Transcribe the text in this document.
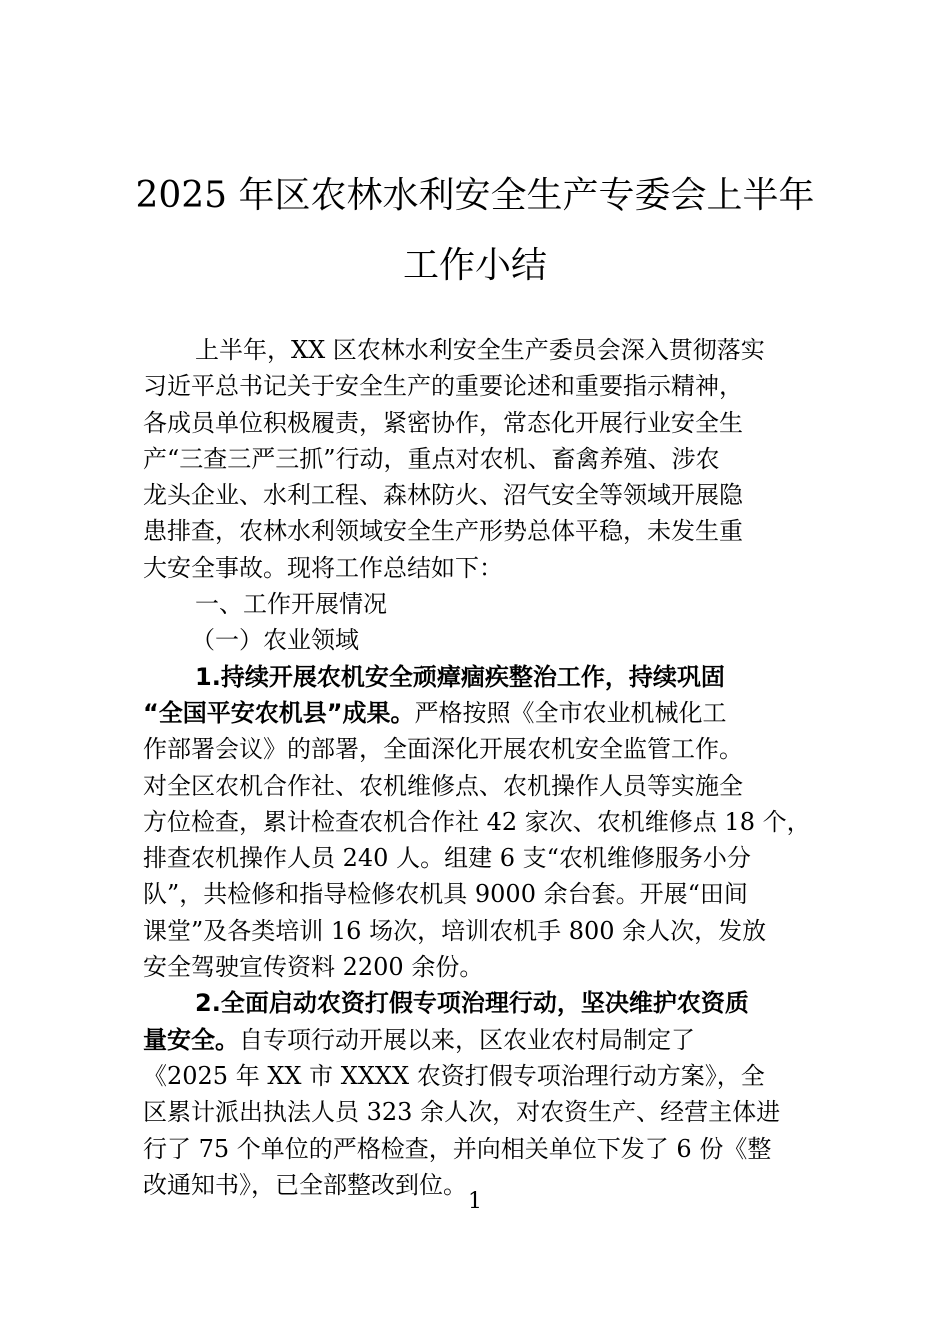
2025 年区农林水利安全生产专委会上半年
工作小结
上半年，XX 区农林水利安全生产委员会深入贯彻落实
习近平总书记关于安全生产的重要论述和重要指示精神，
各成员单位积极履责，紧密协作，常态化开展行业安全生
产“三查三严三抓”行动，重点对农机、畜禽养殖、涉农
龙头企业、水利工程、森林防火、沼气安全等领域开展隐
患排查，农林水利领域安全生产形势总体平稳，未发生重
大安全事故。现将工作总结如下：
一、工作开展情况
（一）农业领域
1.持续开展农机安全顽瘴痼疾整治工作，持续巩固
“全国平安农机县”成果。严格按照《全市农业机械化工
作部署会议》的部署，全面深化开展农机安全监管工作。
对全区农机合作社、农机维修点、农机操作人员等实施全
方位检查，累计检查农机合作社 42 家次、农机维修点 18 个，
排查农机操作人员 240 人。组建 6 支“农机维修服务小分
队”，共检修和指导检修农机具 9000 余台套。开展“田间
课堂”及各类培训 16 场次，培训农机手 800 余人次，发放
安全驾驶宣传资料 2200 余份。
2.全面启动农资打假专项治理行动，坚决维护农资质
量安全。自专项行动开展以来，区农业农村局制定了
《2025 年 XX 市 XXXX 农资打假专项治理行动方案》，全
区累计派出执法人员 323 余人次，对农资生产、经营主体进
行了 75 个单位的严格检查，并向相关单位下发了 6 份《整
改通知书》，已全部整改到位。
1
